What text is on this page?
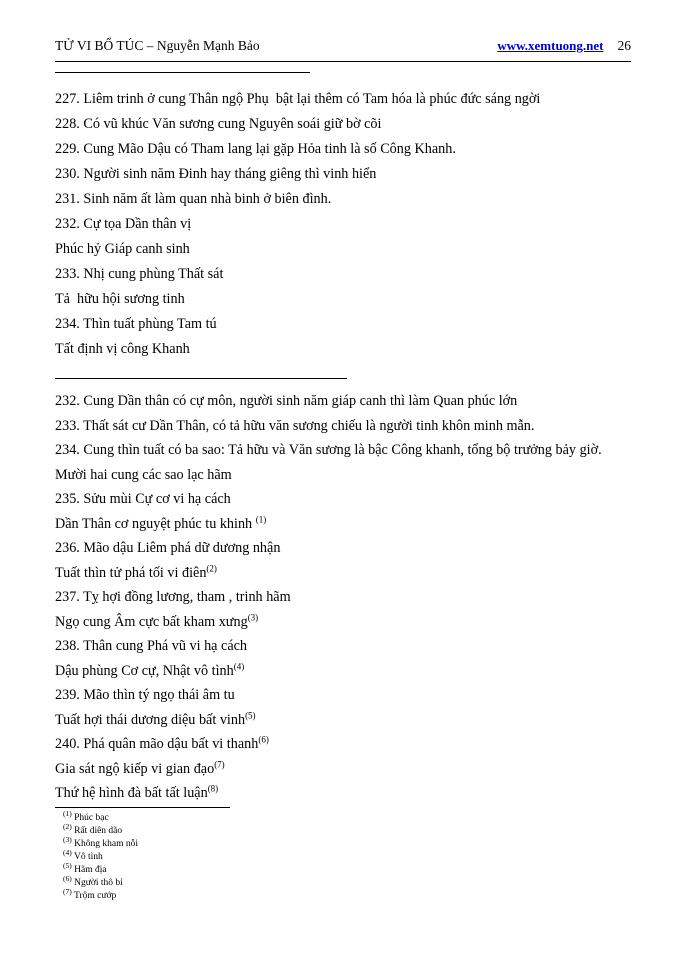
TỬ VI BỔ TÚC – Nguyễn Mạnh Bảo	www.xemtuong.net 26
227. Liêm trinh ở cung Thân ngộ Phụ  bật lại thêm có Tam hóa là phúc đức sáng ngời
228. Có vũ khúc Văn sương cung Nguyên soái giữ bờ cõi
229. Cung Mão Dậu có Tham lang lại gặp Hỏa tinh là số Công Khanh.
230. Người sinh năm Đinh hay tháng giêng thì vinh hiển
231. Sinh năm ất làm quan nhà binh ở biên đình.
232. Cự tọa Dần thân vị
Phúc hỷ Giáp canh sinh
233. Nhị cung phùng Thất sát
Tả  hữu hội sương tinh
234. Thìn tuất phùng Tam tú
Tất định vị công Khanh
232. Cung Dần thân có cự môn, người sinh năm giáp canh thì làm Quan phúc lớn
233. Thất sát cư Dần Thân, có tả hữu văn sương chiếu là người tinh khôn minh mẫn.
234. Cung thìn tuất có ba sao: Tả hữu và Văn sương là bậc Công khanh, tổng bộ trưởng bảy giờ.
Mười hai cung các sao lạc hãm
235. Sửu mùi Cự cơ vi hạ cách
Dần Thân cơ nguyệt phúc tu khinh $^{(1)}$
236. Mão dậu Liêm phá dữ dương nhận
Tuất thìn tử phá tối vi điên$^{(2)}$
237. Tỵ hợi đồng lương, tham , trinh hãm
Ngọ cung Âm cực bất kham xưng$^{(3)}$
238. Thân cung Phá vũ vi hạ cách
Dậu phùng Cơ cự, Nhật vô tình$^{(4)}$
239. Mão thìn tý ngọ thái âm tu
Tuất hợi thái dương diệu bất vinh$^{(5)}$
240. Phá quân mão dậu bất vi thanh$^{(6)}$
Gia sát ngộ kiếp vi gian đạo$^{(7)}$
Thứ hệ hình đà bất tất luận$^{(8)}$
$^{(1)}$ Phúc bạc
$^{(2)}$ Rất diên dão
$^{(3)}$ Không kham nỗi
$^{(4)}$ Vô tình
$^{(5)}$ Hãm địa
$^{(6)}$ Người thô bỉ
$^{(7)}$ Trộm cướp
